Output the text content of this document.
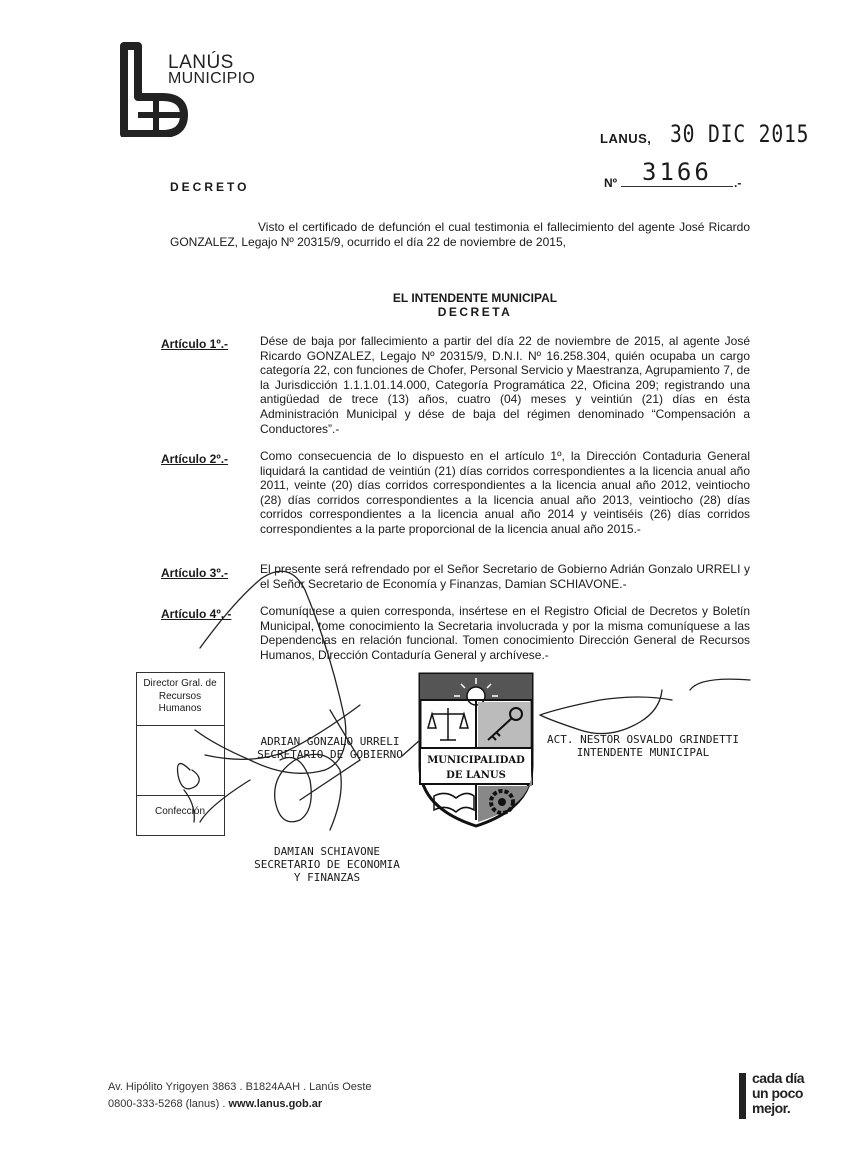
LANÚS
MUNICIPIO
LANUS, 30 DIC 2015
Nº 3166 .-
DECRETO
Visto el certificado de defunción el cual testimonia el fallecimiento del agente José Ricardo GONZALEZ, Legajo Nº 20315/9, ocurrido el día 22 de noviembre de 2015,
EL INTENDENTE MUNICIPAL
DECRETA
Artículo 1º.-	Dése de baja por fallecimiento a partir del día 22 de noviembre de 2015, al agente José Ricardo GONZALEZ, Legajo Nº 20315/9, D.N.I. Nº 16.258.304, quién ocupaba un cargo categoría 22, con funciones de Chofer, Personal Servicio y Maestranza, Agrupamiento 7, de la Jurisdicción 1.1.1.01.14.000, Categoría Programática 22, Oficina 209; registrando una antigüedad de trece (13) años, cuatro (04) meses y veintiún (21) días en ésta Administración Municipal y dése de baja del régimen denominado “Compensación a Conductores”.-
Artículo 2º.-	Como consecuencia de lo dispuesto en el artículo 1º, la Dirección Contaduria General liquidará la cantidad de veintiún (21) días corridos correspondientes a la licencia anual año 2011, veinte (20) días corridos correspondientes a la licencia anual año 2012, veintiocho (28) días corridos correspondientes a la licencia anual año 2013, veintiocho (28) días corridos correspondientes a la licencia anual año 2014 y veintiséis (26) días corridos correspondientes a la parte proporcional de la licencia anual año 2015.-
Artículo 3º.-	El presente será refrendado por el Señor Secretario de Gobierno Adrián Gonzalo URRELI y el Señor Secretario de Economía y Finanzas, Damian SCHIAVONE.-
Artículo 4º. - Comuníquese a quien corresponda, insértese en el Registro Oficial de Decretos y Boletín Municipal, tome conocimiento la Secretaria involucrada y por la misma comuníquese a las Dependencias en relación funcional. Tomen conocimiento Dirección General de Recursos Humanos, Dirección Contaduría General y archívese.-
Director Gral. de Recursos Humanos
Confección
MUNICIPALIDAD
DE LANUS
ADRIAN GONZALO URRELI
SECRETARIO DE GOBIERNO
ACT. NESTOR OSVALDO GRINDETTI
INTENDENTE MUNICIPAL
DAMIAN SCHIAVONE
SECRETARIO DE ECONOMIA
Y FINANZAS
Av. Hipólito Yrigoyen 3863 . B1824AAH . Lanús Oeste
0800-333-5268 (lanus) . www.lanus.gob.ar
cada día
un poco
mejor.
